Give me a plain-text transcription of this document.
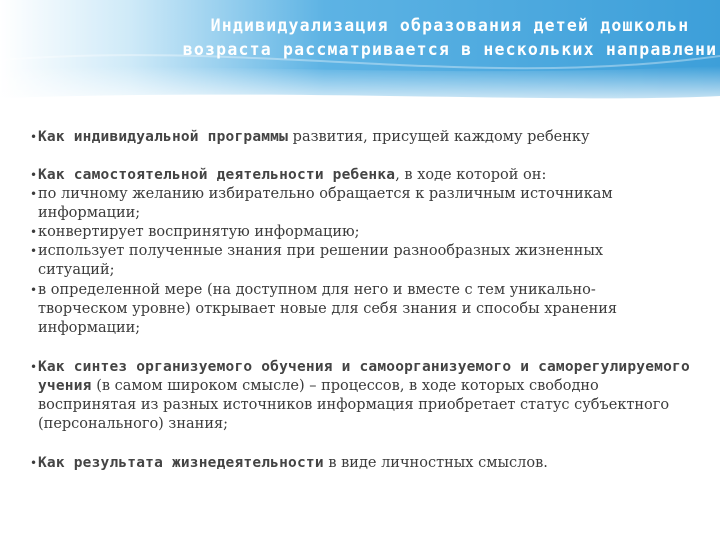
Индивидуализация образования детей дошкольн
возраста рассматривается в нескольких направлени
• Как индивидуальной программы развития, присущей каждому ребенку
• Как самостоятельной деятельности ребенка, в ходе которой он:
• по личному желанию избирательно обращается к различным источникам
информации;
• конвертирует воспринятую информацию;
• использует полученные знания при решении разнообразных жизненных
ситуаций;
• в определенной мере (на доступном для него и вместе с тем уникально-
творческом уровне) открывает новые для себя знания и способы хранения
информации;
• Как синтез организуемого обучения и самоорганизуемого и саморегулируемого
учения (в самом широком смысле) – процессов, в ходе которых свободно
воспринятая из разных источников информация приобретает статус субъектного
(персонального) знания;
• Как результата жизнедеятельности в виде личностных смыслов.
